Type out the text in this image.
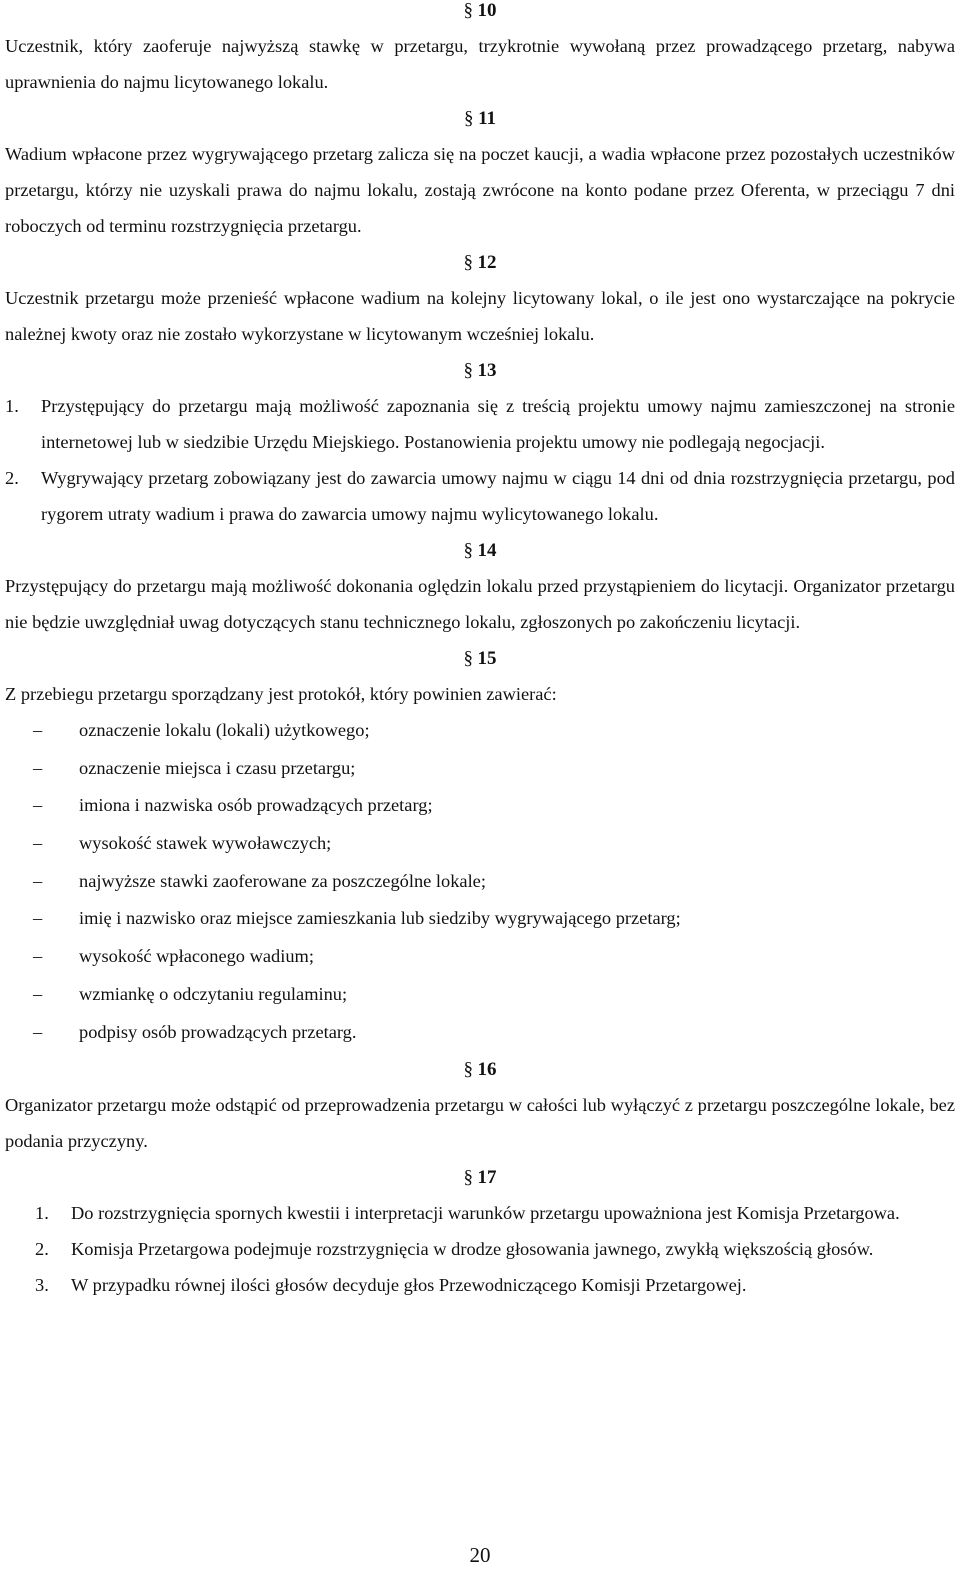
§ 10

Uczestnik, który zaoferuje najwyższą stawkę w przetargu, trzykrotnie wywołaną przez prowadzącego przetarg, nabywa uprawnienia do najmu licytowanego lokalu.

§ 11

Wadium wpłacone przez wygrywającego przetarg zalicza się na poczet kaucji, a wadia wpłacone przez pozostałych uczestników przetargu, którzy nie uzyskali prawa do najmu lokalu, zostają zwrócone na konto podane przez Oferenta, w przeciągu 7 dni roboczych od terminu rozstrzygnięcia przetargu.

§ 12

Uczestnik przetargu może przenieść wpłacone wadium na kolejny licytowany lokal, o ile jest ono wystarczające na pokrycie należnej kwoty oraz nie zostało wykorzystane w licytowanym wcześniej lokalu.

§ 13
1.	Przystępujący do przetargu mają możliwość zapoznania się z treścią projektu umowy najmu zamieszczonej na stronie internetowej lub w siedzibie Urzędu Miejskiego. Postanowienia projektu umowy nie podlegają negocjacji.
2.	Wygrywający przetarg zobowiązany jest do zawarcia umowy najmu w ciągu 14 dni od dnia rozstrzygnięcia przetargu, pod rygorem utraty wadium i prawa do zawarcia umowy najmu wylicytowanego lokalu.
§ 14

Przystępujący do przetargu mają możliwość dokonania oględzin lokalu przed przystąpieniem do licytacji. Organizator przetargu nie będzie uwzględniał uwag dotyczących stanu technicznego lokalu, zgłoszonych po zakończeniu licytacji.

§ 15

Z przebiegu przetargu sporządzany jest protokół, który powinien zawierać:

–	oznaczenie lokalu (lokali) użytkowego;
–	oznaczenie miejsca i czasu przetargu;
–	imiona i nazwiska osób prowadzących przetarg;
–	wysokość stawek wywoławczych;
–	najwyższe stawki zaoferowane za poszczególne lokale;
–	imię i nazwisko oraz miejsce zamieszkania lub siedziby wygrywającego przetarg;
–	wysokość wpłaconego wadium;
–	wzmiankę o odczytaniu regulaminu;
–	podpisy osób prowadzących przetarg.
§ 16

Organizator przetargu może odstąpić od przeprowadzenia przetargu w całości lub wyłączyć z przetargu poszczególne lokale, bez podania przyczyny.

§ 17
1.	Do rozstrzygnięcia spornych kwestii i interpretacji warunków przetargu upoważniona jest Komisja Przetargowa.
2.	Komisja Przetargowa podejmuje rozstrzygnięcia w drodze głosowania jawnego, zwykłą większością głosów.
3.	W przypadku równej ilości głosów decyduje głos Przewodniczącego Komisji Przetargowej.
20
